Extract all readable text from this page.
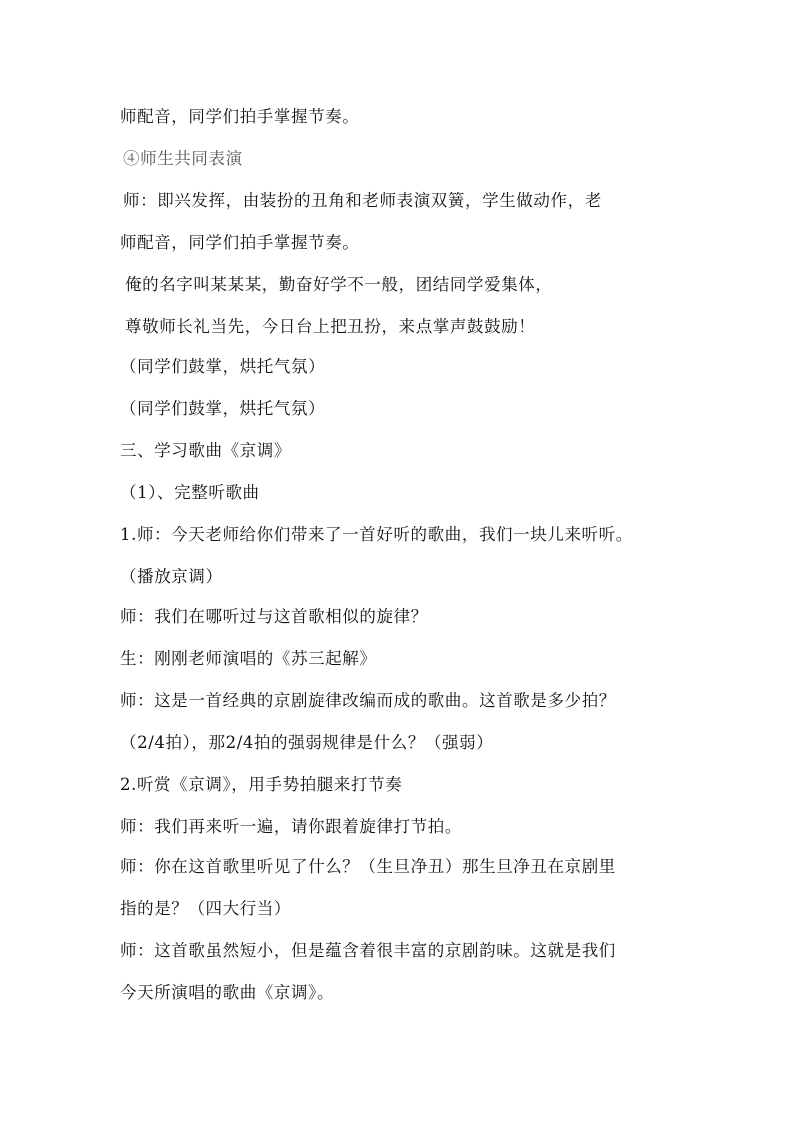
师配音，同学们拍手掌握节奏。
④师生共同表演
师：即兴发挥，由装扮的丑角和老师表演双簧，学生做动作，老
师配音，同学们拍手掌握节奏。
俺的名字叫某某某，勤奋好学不一般，团结同学爱集体，
尊敬师长礼当先，今日台上把丑扮，来点掌声鼓鼓励！
（同学们鼓掌，烘托气氛）
（同学们鼓掌，烘托气氛）
三、学习歌曲《京调》
（1）、完整听歌曲
1.师：今天老师给你们带来了一首好听的歌曲，我们一块儿来听听。
（播放京调）
师：我们在哪听过与这首歌相似的旋律？
生：刚刚老师演唱的《苏三起解》
师：这是一首经典的京剧旋律改编而成的歌曲。这首歌是多少拍？
（2/4拍），那2/4拍的强弱规律是什么？（强弱）
2.听赏《京调》，用手势拍腿来打节奏
师：我们再来听一遍，请你跟着旋律打节拍。
师：你在这首歌里听见了什么？（生旦净丑）那生旦净丑在京剧里
指的是？（四大行当）
师：这首歌虽然短小，但是蕴含着很丰富的京剧韵味。这就是我们
今天所演唱的歌曲《京调》。
